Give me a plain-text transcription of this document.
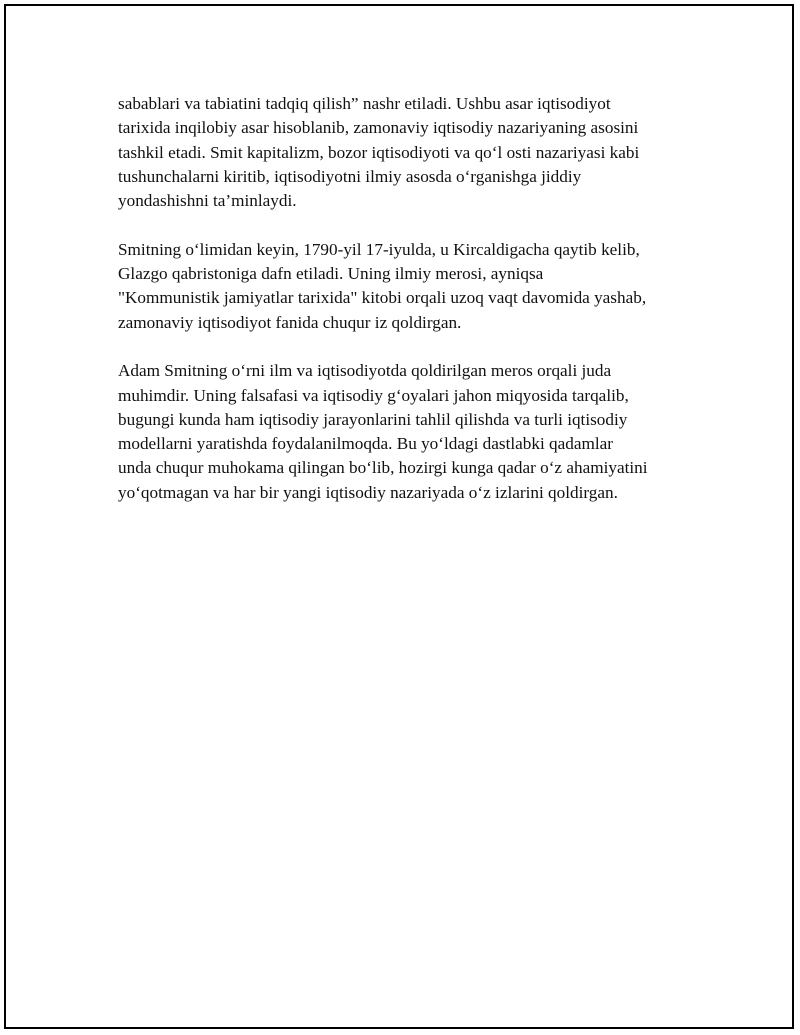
sabablari va tabiatini tadqiq qilish” nashr etiladi. Ushbu asar iqtisodiyot
tarixida inqilobiy asar hisoblanib, zamonaviy iqtisodiy nazariyaning asosini
tashkil etadi. Smit kapitalizm, bozor iqtisodiyoti va qo‘l osti nazariyasi kabi
tushunchalarni kiritib, iqtisodiyotni ilmiy asosda o‘rganishga jiddiy
yondashishni ta’minlaydi.

Smitning o‘limidan keyin, 1790-yil 17-iyulda, u Kircaldigacha qaytib kelib,
Glazgo qabristoniga dafn etiladi. Uning ilmiy merosi, ayniqsa
"Kommunistik jamiyatlar tarixida" kitobi orqali uzoq vaqt davomida yashab,
zamonaviy iqtisodiyot fanida chuqur iz qoldirgan.

Adam Smitning o‘rni ilm va iqtisodiyotda qoldirilgan meros orqali juda
muhimdir. Uning falsafasi va iqtisodiy g‘oyalari jahon miqyosida tarqalib,
bugungi kunda ham iqtisodiy jarayonlarini tahlil qilishda va turli iqtisodiy
modellarni yaratishda foydalanilmoqda. Bu yo‘ldagi dastlabki qadamlar
unda chuqur muhokama qilingan bo‘lib, hozirgi kunga qadar o‘z ahamiyatini
yo‘qotmagan va har bir yangi iqtisodiy nazariyada o‘z izlarini qoldirgan.
